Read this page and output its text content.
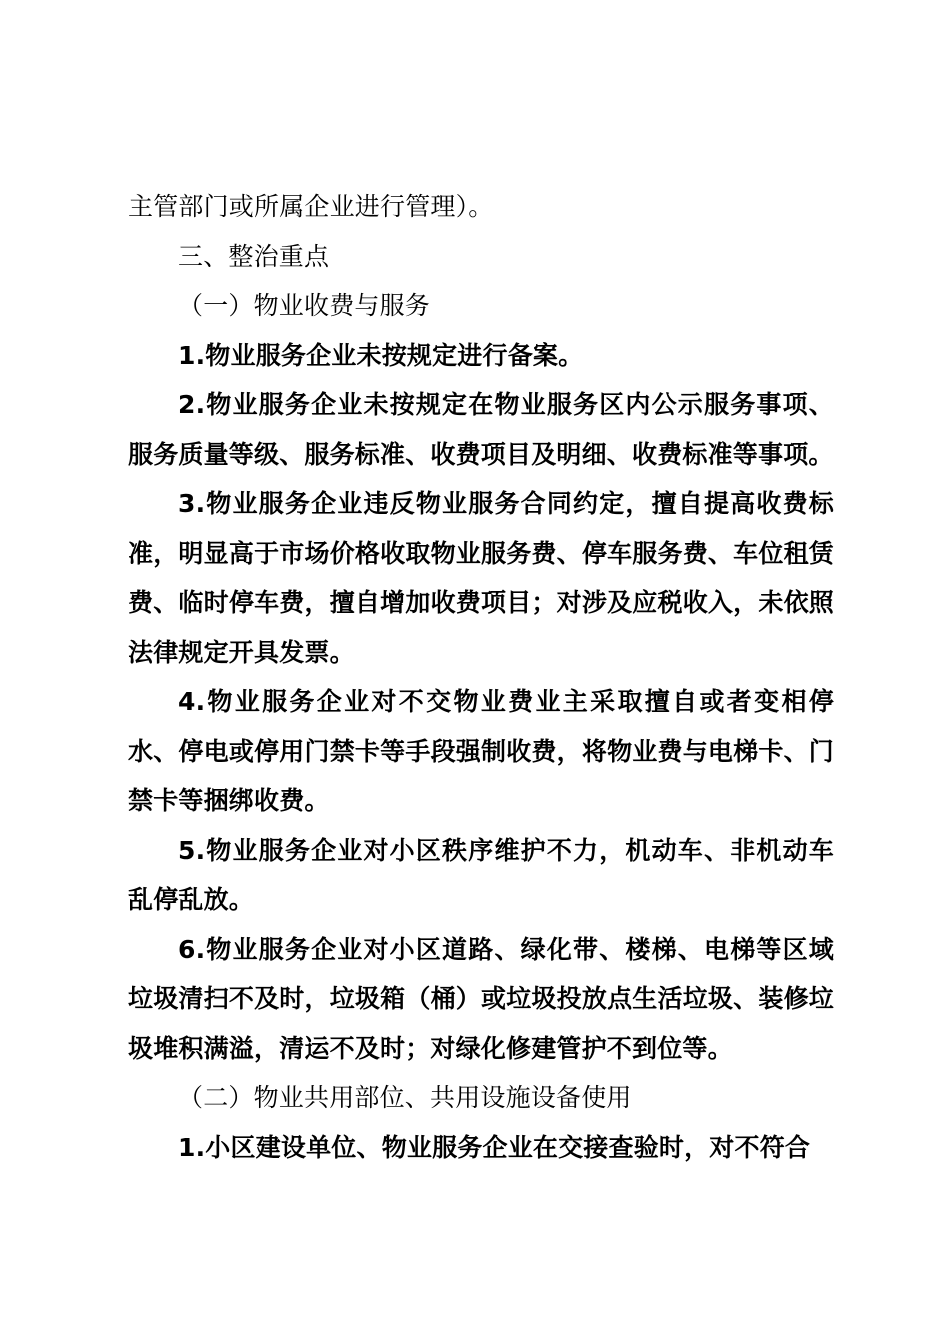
主管部门或所属企业进行管理）。

三、整治重点

（一）物业收费与服务

1.物业服务企业未按规定进行备案。

2.物业服务企业未按规定在物业服务区内公示服务事项、服务质量等级、服务标准、收费项目及明细、收费标准等事项。

3.物业服务企业违反物业服务合同约定，擅自提高收费标准，明显高于市场价格收取物业服务费、停车服务费、车位租赁费、临时停车费，擅自增加收费项目；对涉及应税收入，未依照法律规定开具发票。

4.物业服务企业对不交物业费业主采取擅自或者变相停水、停电或停用门禁卡等手段强制收费，将物业费与电梯卡、门禁卡等捆绑收费。

5.物业服务企业对小区秩序维护不力，机动车、非机动车乱停乱放。

6.物业服务企业对小区道路、绿化带、楼梯、电梯等区域垃圾清扫不及时，垃圾箱（桶）或垃圾投放点生活垃圾、装修垃圾堆积满溢，清运不及时；对绿化修建管护不到位等。

（二）物业共用部位、共用设施设备使用

1.小区建设单位、物业服务企业在交接查验时，对不符合
